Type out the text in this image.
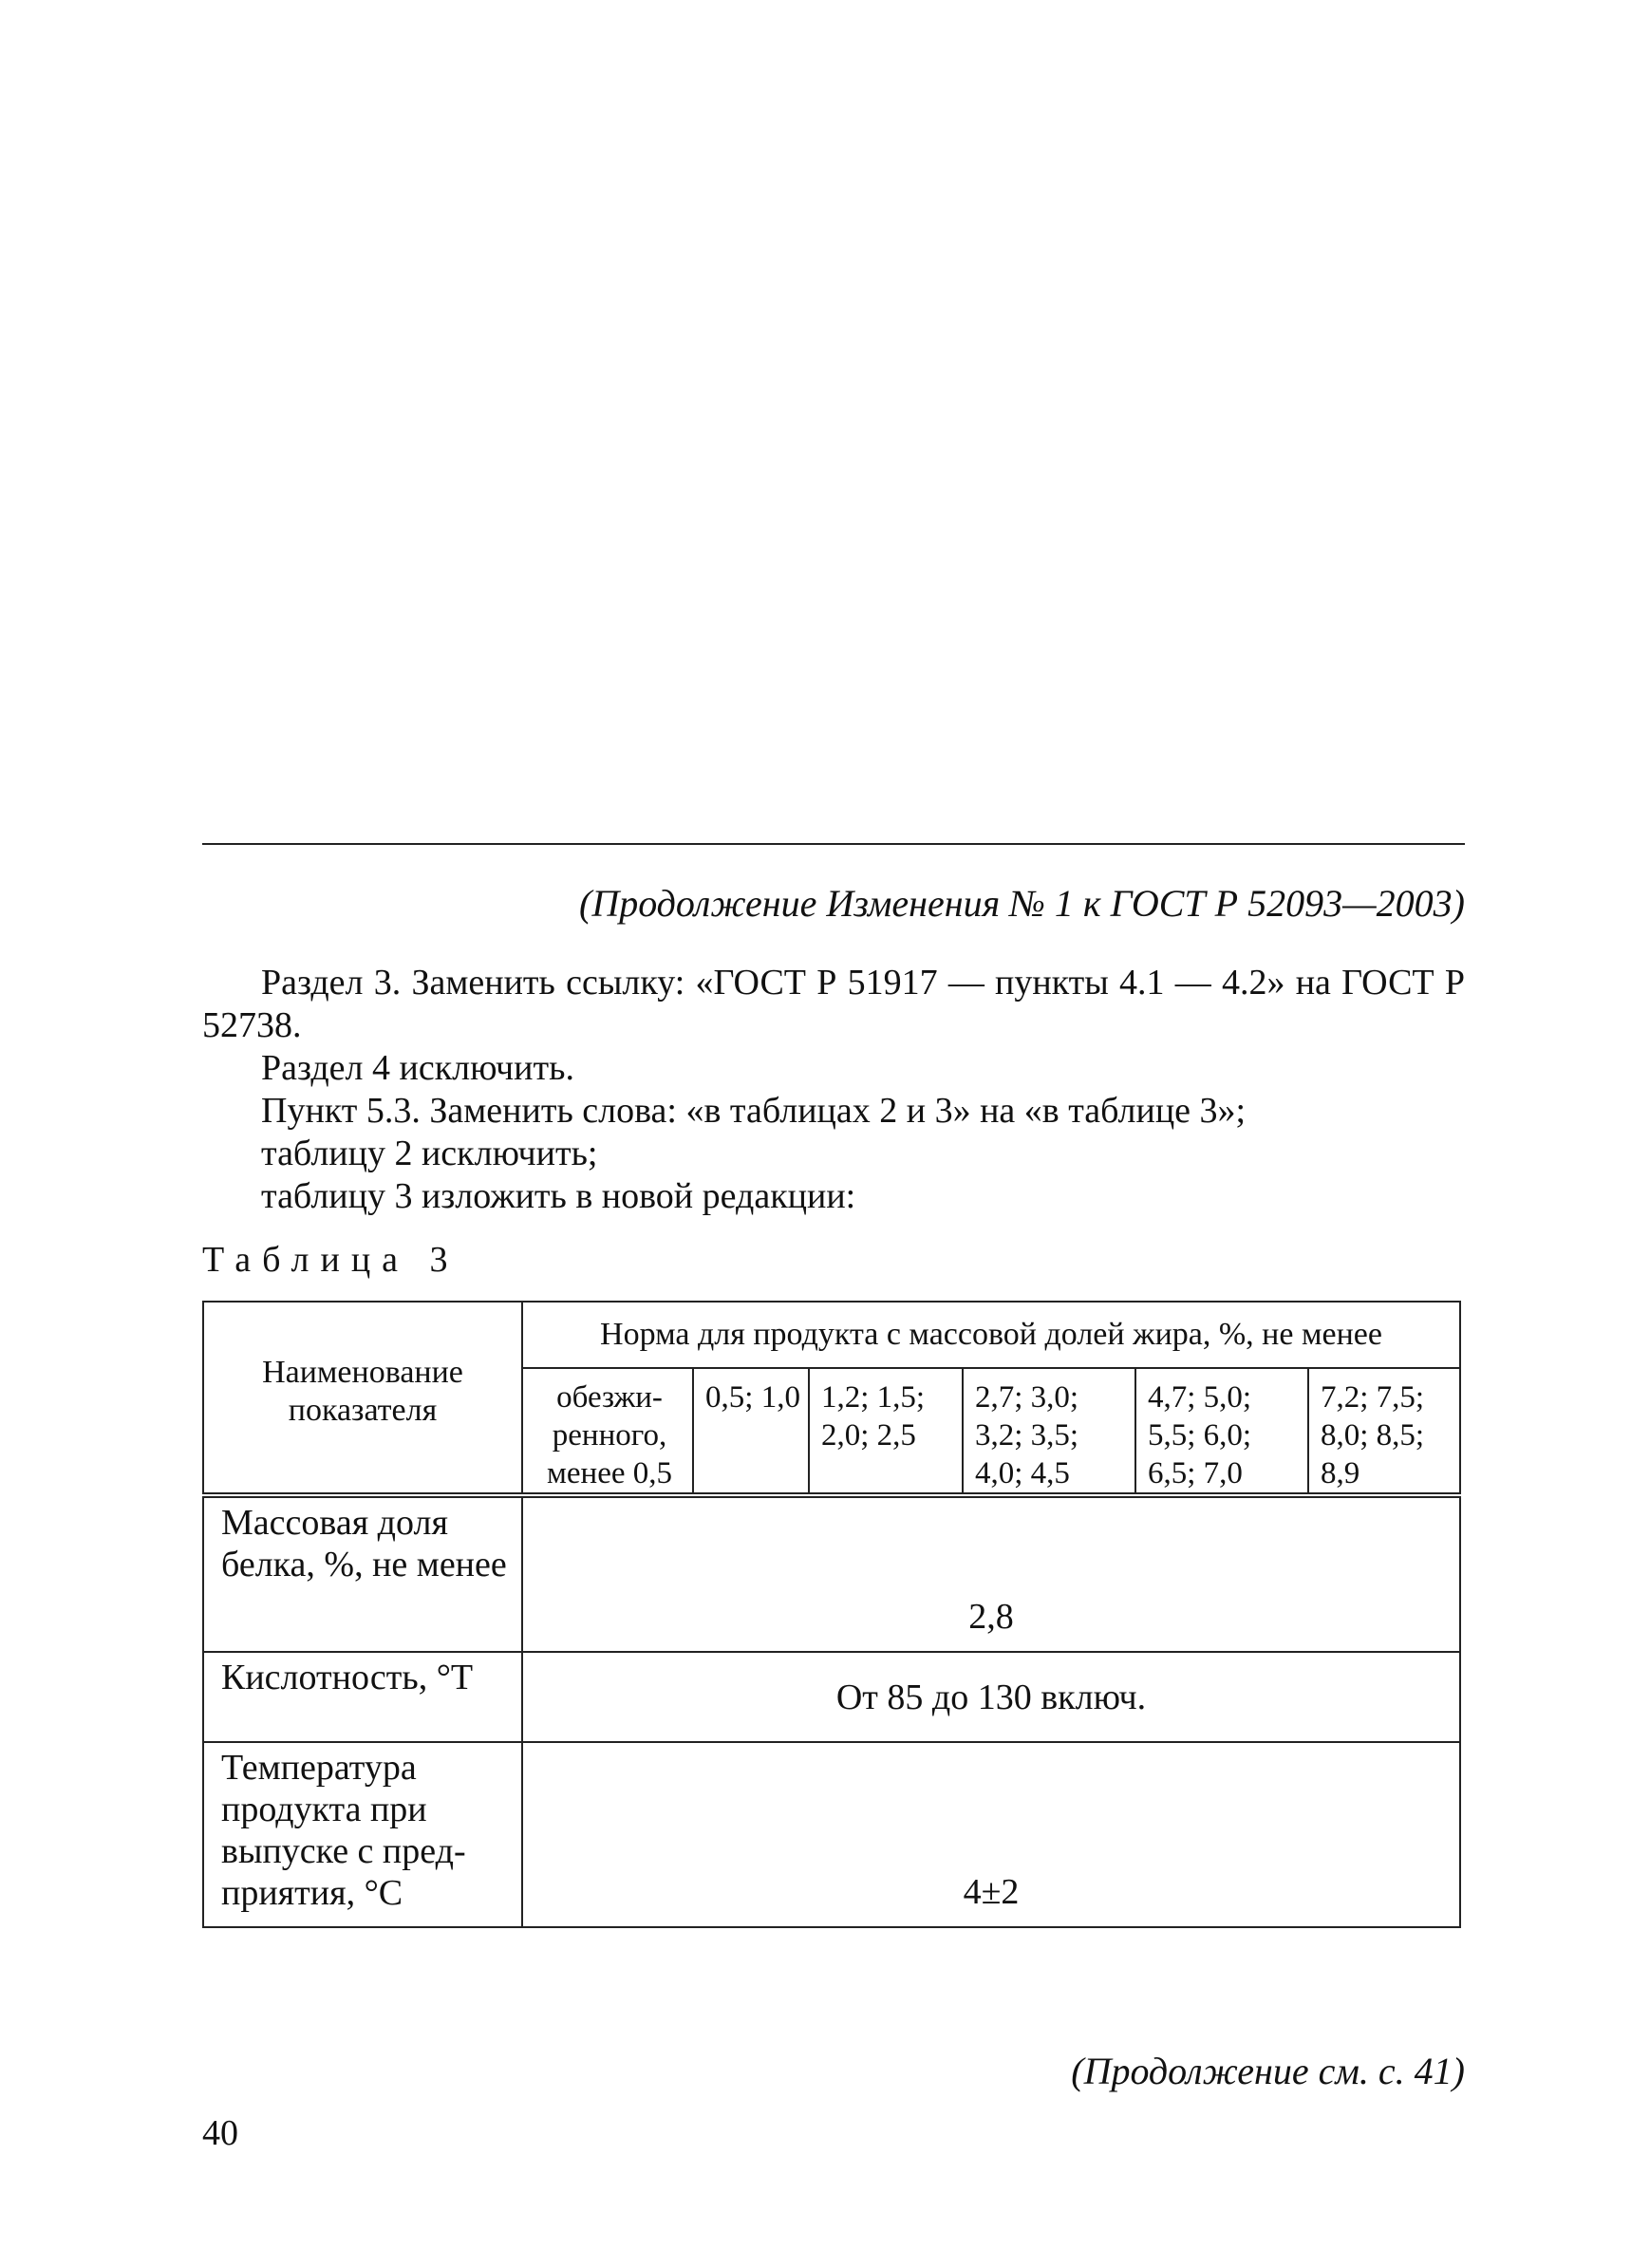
(Продолжение Изменения № 1 к ГОСТ Р 52093—2003)
Раздел 3. Заменить ссылку: «ГОСТ Р 51917 — пункты 4.1 — 4.2» на ГОСТ Р 52738.
Раздел 4 исключить.
Пункт 5.3. Заменить слова: «в таблицах 2 и 3» на «в таблице 3»;
таблицу 2 исключить;
таблицу 3 изложить в новой редакции:
Таблица 3
Наименование показателя	Норма для продукта с массовой долей жира, %, не менее					
	обезжи-ренного, менее 0,5	0,5; 1,0	1,2; 1,5; 2,0; 2,5	2,7; 3,0; 3,2; 3,5; 4,0; 4,5	4,7; 5,0; 5,5; 6,0; 6,5; 7,0	7,2; 7,5; 8,0; 8,5; 8,9
Массовая доля белка, %, не менее	2,8					
Кислотность, °Т	От 85 до 130 включ.					
Температура продукта при выпуске с пред-приятия, °С	4±2					
(Продолжение см. с. 41)
40
